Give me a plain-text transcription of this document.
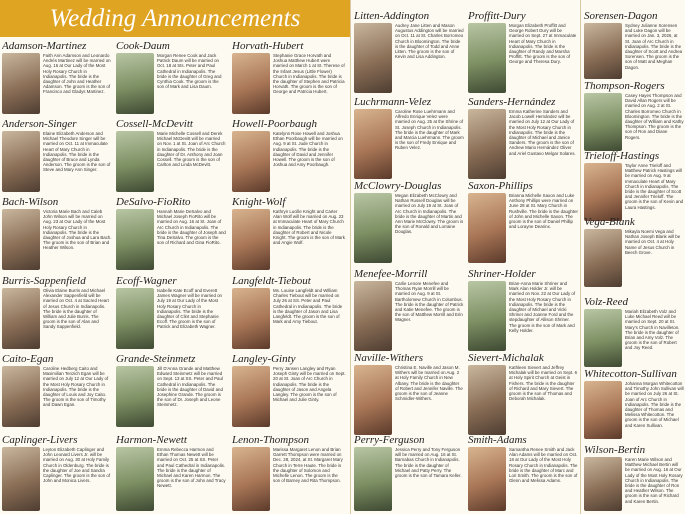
Wedding Announcements
Adamson-Martinez
Faith Ann Adamson and Leonardo Andrés Martinez will be married on Aug. 16 at Our Lady of the Most Holy Rosary Church in Indianapolis. The bride is the daughter of John and Heather Adamson. The groom is the son of Francisco and Gladys Martinez.
Cook-Daum
Morgan Renee Cook and Jack Patrick Daum will be married on Oct. 18 at Sts. Peter and Paul Cathedral in Indianapolis. The bride is the daughter of Greg and Cynthia Cook. The groom is the son of Mark and Lisa Daum.
Horvath-Hubert
Stephanie Grace Horvath and Joshua Matthew Hubert were married on March 1 at St. Therese of the Infant Jesus (Little Flower) Church in Indianapolis. The bride is the daughter of Stephen and Patricia Horvath. The groom is the son of George and Patricia Hubert.
Anderson-Singer
Elaine Elizabeth Anderson and Michael Theodore Singer will be married on Oct. 11 at Immaculate Heart of Mary Church in Indianapolis. The bride is the daughter of Bruce and Lynda Anderson. The groom is the son of Steve and Mary Ann Singer.
Cossell-McDevitt
Marie Michelle Cossell and Derek Michael McDevitt will be married on Nov. 1 at St. Joan of Arc Church in Indianapolis. The bride is the daughter of Dr. Anthony and Joan Cossell. The groom is the son of Carlton and Linda McDevitt.
Howell-Poorbaugh
Katelynn Rose Howell and Joshua Ethan Poorbaugh will be married on Aug. 9 at St. Jude Church in Indianapolis. The bride is the daughter of David and Jennifer Howell. The groom is the son of Joshua and Amy Poorbaugh.
Bach-Wilson
Victoria Marie Bach and Caleb John Wilson will be married on Aug. 23 at Our Lady of the Most Holy Rosary Church in Indianapolis. The bride is the daughter of Joshua and Lara Bach. The groom is the son of Brian and Heather Wilson.
DeSalvo-FioRito
Hannah Marie DeSalvo and Michael Joseph FioRito will be married on Aug. 16 at St. Joan of Arc Church in Indianapolis. The bride is the daughter of Joseph and Tina DeSalvo. The groom is the son of Richard and Gina FioRito.
Knight-Wolf
Kathryn Lucille Knight and Carter Alan Wolf will be married on Aug. 23 at Immaculate Heart of Mary Church in Indianapolis. The bride is the daughter of Robert and Nicole Knight. The groom is the son of Mark and Angie Wolf.
Burris-Sappenfield
Olivia Elaine Burris and Michael Alexander Sappenfield will be married on Oct. 4 at Sacred Heart of Jesus Church in Indianapolis. The bride is the daughter of William and Julie Burris. The groom is the son of Alan and Sandy Sappenfield.
Ecoff-Wagner
Isabelle Kate Ecoff and Everett James Wagner will be married on July 19 at Our Lady of the Most Holy Rosary Church in Indianapolis. The bride is the daughter of Clint and Stephanie Ecoff. The groom is the son of Patrick and Elizabeth Wagner.
Langfeldt-Tiebout
Ms. Louise Langfeldt and William Charles Tiebout will be married on July 26 at SS. Peter and Paul Cathedral in Indianapolis. The bride is the daughter of Jason and Lisa Langfeldt. The groom is the son of Mark and Amy Tiebout.
Caito-Egan
Caroline Hedberg Caito and Maximilian Tenzich Egan will be married on July 12 at Our Lady of the Most Holy Rosary Church in Indianapolis. The bride is the daughter of Louis and Joy Caito. The groom is the son of Timothy and Dawn Egan.
Grande-Steinmetz
Jill D'Anna Grande and Matthew Edward Steinmetz will be married on Sept. 13 at SS. Peter and Paul Cathedral in Indianapolis. The bride is the daughter of David and Josephine Grande. The groom is the son of Dr. Joseph and Leone Steinmetz.
Langley-Ginty
Perry Jansen Langley and Ryan Joseph Ginty will be married on Sept. 20 at St. Joan of Arc Church in Indianapolis. The bride is the daughter of Jason and Angela Langley. The groom is the son of Michael and Julie Ginty.
Caplinger-Livers
Leyton Elizabeth Caplinger and John Leonard Livers Jr. will be married on Aug. 30 at Holy Family Church in Oldenburg. The bride is the daughter of Joe and Sandra Caplinger. The groom is the son of John and Monica Livers.
Harmon-Newett
Emma Rebecca Harmon and Ethan Thomas Newett will be married on Oct. 25 at SS. Peter and Paul Cathedral in Indianapolis. The bride is the daughter of Michael and Karen Harmon. The groom is the son of John and Tracy Newett.
Lenon-Thompson
Marissa Margaret Lenon and Brian Garrett Thompson were married on Dec. 28, 2024, at St. Margaret Mary Church in Terre Haute. The bride is the daughter of Solomon and Michelle Lenon. The groom is the son of Barney and Rita Thompson.
Litten-Addington
Audrey Jane Litten and Mason Augustus Addington will be married on Oct. 11 at St. Charles Borromeo Church in Bloomington. The bride is the daughter of Todd and Anne Litten. The groom is the son of Kevin and Lisa Addington.
Proffitt-Dury
Morgan Elizabeth Proffitt and George Robert Dury will be married on Sept. 27 at Immaculate Heart of Mary Church in Indianapolis. The bride is the daughter of Randy and Marsha Proffitt. The groom is the son of George and Theresa Dury.
Luchrmann-Velez
Caroline Rose Luehrmann and Alfredo Enrique Velez were married on Aug. 25 at the Shrine of St. Joseph Church in Indianapolis. The bride is the daughter of Mark and Marcia Luehrmann. The groom is the son of Fredy Enrique and Ruben Velez.
Sanders-Hernández
Emma Katherine Sanders and Jacob Lowell Hernández will be married on July 12 at Our Lady of the Most Holy Rosary Church in Indianapolis. The bride is the daughter of Michael and Janice Sanders. The groom is the son of Andrew Mario Hernández Oliver and Ariel Gustavo Melgar Solares.
McClowry-Douglas
Megan Elizabeth McClowry and Nathan Russell Douglas will be married on July 19 at St. Joan of Arc Church in Indianapolis. The bride is the daughter of Martin and Ann Marie McClowry. The groom is the son of Ronald and Lorraine Douglas.
Saxon-Phillips
Brianna Michelle Saxon and Luke Anthony Phillips were married on June 28 at St. Mary Church in Rushville. The bride is the daughter of John and Michelle Saxon. The groom is the son of Daniel Phillip and Lorayne Dearinx.
Menefee-Morrill
Carlie Lenore Menefee and Thomas Ryan Morrill will be married on Aug. 9 at St. Bartholomew Church in Columbus. The bride is the daughter of Patrick and Katie Menefee. The groom is the son of Matthew Morrill and Erin Wagner.
Shriner-Holder
Brian-Anna Marie Shriner and Mark Alan Holder Jr. will be married on Nov. 22 at Our Lady of the Most Holy Rosary Church in Indianapolis. The bride is the daughter of Michael and Vicki Shriner and Joanne Ford and the stepdaughter of Allison Shriner. The groom is the son of Mark and Kelly Holder.
Naville-Withers
Christina E. Naville and Jason M. Withers will be married on Aug. 2 at Holy Family Church in New Albany. The bride is the daughter of Robert and Jennifer Naville. The groom is the son of Jeanne Schmidler-Withers.
Sievert-Michalak
Kathleen Sievert and Jeffrey Michalak will be married on Sept. 6 at Holy Spirit Church at Geist in Fishers. The bride is the daughter of Richard and Mary Sievert. The groom is the son of Thomas and Deborah Michalak.
Perry-Ferguson
Jessica Perry and Tony Ferguson will be married on Aug. 16 at St. Barnabas Church in Indianapolis. The bride is the daughter of Michael and Patty Perry. The groom is the son of Tamara Keller.
Smith-Adams
Samantha Renee Smith and Jack Alan Adams will be married on Oct. 18 at Our Lady of the Most Holy Rosary Church in Indianapolis. The bride is the daughter of Marc and Lori Smith. The groom is the son of Glenn and Melissa Adams.
Sorensen-Dagon
Sydney Julianne Sorensen and Luke Dagon will be married on Jan. 3, 2026, at St. Joan of Arc Church in Indianapolis. The bride is the daughter of Scott and Andrea Sorensen. The groom is the son of Matt and Meghan Dagon.
Thompson-Rogers
Casey Hayes Thompson and David Allan Rogers will be married on Aug. 2 at St. Charles Borromeo Church in Bloomington. The bride is the daughter of William and Kathy Thompson. The groom is the son of Ron and Diane Rogers.
Trieloff-Hastings
Taylor Anne Trieloff and Matthew Patrick Hastings will be married on Aug. 9 at Immaculate Heart of Mary Church in Indianapolis. The bride is the daughter of Scott and Jennifer Trieloff. The groom is the son of Kevin and Laura Hastings.
Vega-Blank
Mikayla Noemi Vega and Nathan Joseph Blank will be married on Oct. 4 at Holy Name of Jesus Church in Beech Grove.
Volz-Reed
Mariah Elizabeth Volz and Luke Michael Reed will be married on Sept. 20 at St. Mary's Church in Navilleton. The bride is the daughter of Brian and Amy Volz. The groom is the son of Robert and Joy Reed.
Whitecotton-Sullivan
Johanna Morgan Whitecotton and Timothy John Sullivan will be married on July 26 at St. Joan of Arc Church in Indianapolis. The bride is the daughter of Thomas and Melissa Whitecotton. The groom is the son of Michael and Karen Sullivan.
Wilson-Bertin
Karen Marie Wilson and Matthew Michael Bertin will be married on Aug. 16 at Our Lady of the Most Holy Rosary Church in Indianapolis. The bride is the daughter of Ron and Heather Wilson. The groom is the son of Richard and Karen Bertin.
